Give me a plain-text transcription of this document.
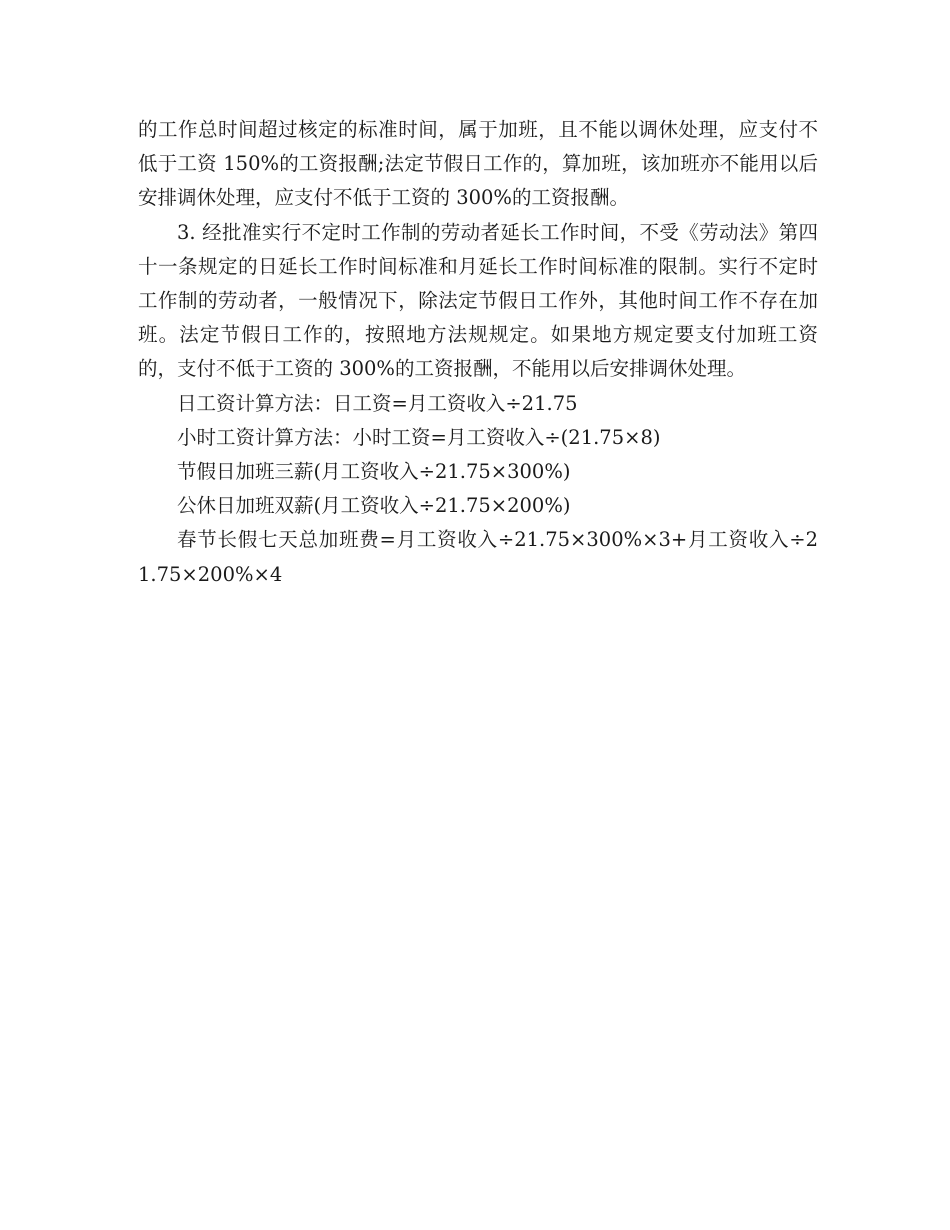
的工作总时间超过核定的标准时间，属于加班，且不能以调休处理，应支付不低于工资 150%的工资报酬;法定节假日工作的，算加班，该加班亦不能用以后安排调休处理，应支付不低于工资的 300%的工资报酬。

3. 经批准实行不定时工作制的劳动者延长工作时间，不受《劳动法》第四十一条规定的日延长工作时间标准和月延长工作时间标准的限制。实行不定时工作制的劳动者，一般情况下，除法定节假日工作外，其他时间工作不存在加班。法定节假日工作的，按照地方法规规定。如果地方规定要支付加班工资的，支付不低于工资的 300%的工资报酬，不能用以后安排调休处理。

日工资计算方法：日工资=月工资收入÷21.75

小时工资计算方法：小时工资=月工资收入÷(21.75×8)

节假日加班三薪(月工资收入÷21.75×300%)

公休日加班双薪(月工资收入÷21.75×200%)

春节长假七天总加班费=月工资收入÷21.75×300%×3+月工资收入÷21.75×200%×4
